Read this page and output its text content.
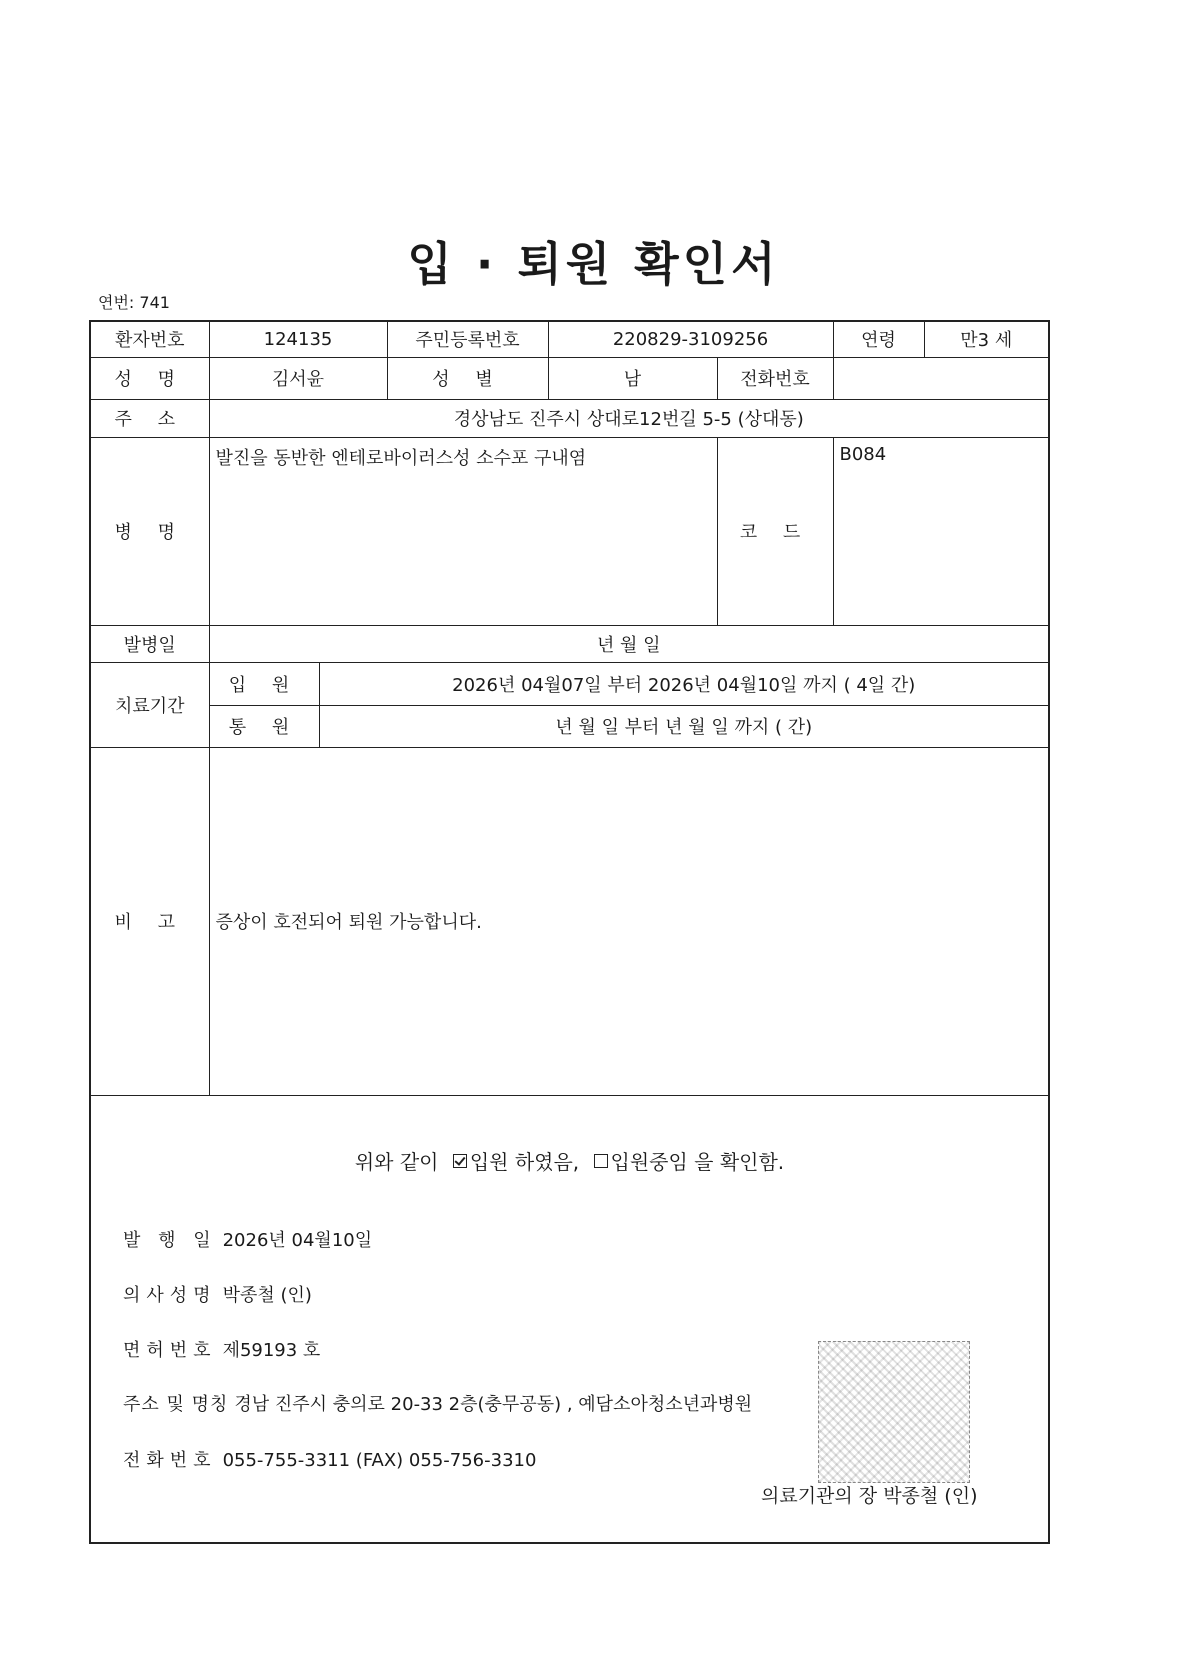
입 · 퇴원 확인서
연번: 741
환자번호	124135		주민등록번호	220829-3109256		연령	만3 세
성 명	김서윤		성 별	남	전화번호		
주 소	경상남도 진주시 상대로12번길 5-5 (상대동)						
병 명	발진을 동반한 엔테로바이러스성 소수포 구내염				코 드	B084	
발병일	년 월 일						
치료기간	입 원	2026년 04월07일 부터 2026년 04월10일 까지 ( 4일 간)					
	통 원	년 월 일 부터 년 월 일 까지 ( 간)					
비 고	증상이 호전되어 퇴원 가능합니다.						
위와 같이 입원 하였음, 입원중임 을 확인함.
발 행 일 2026년 04월10일
의사성명 박종철 (인)
면허번호 제59193 호
주소 및 명칭 경남 진주시 충의로 20-33 2층(충무공동) , 예담소아청소년과병원
전화번호 055-755-3311 (FAX) 055-756-3310
의료기관의 장 박종철 (인)
